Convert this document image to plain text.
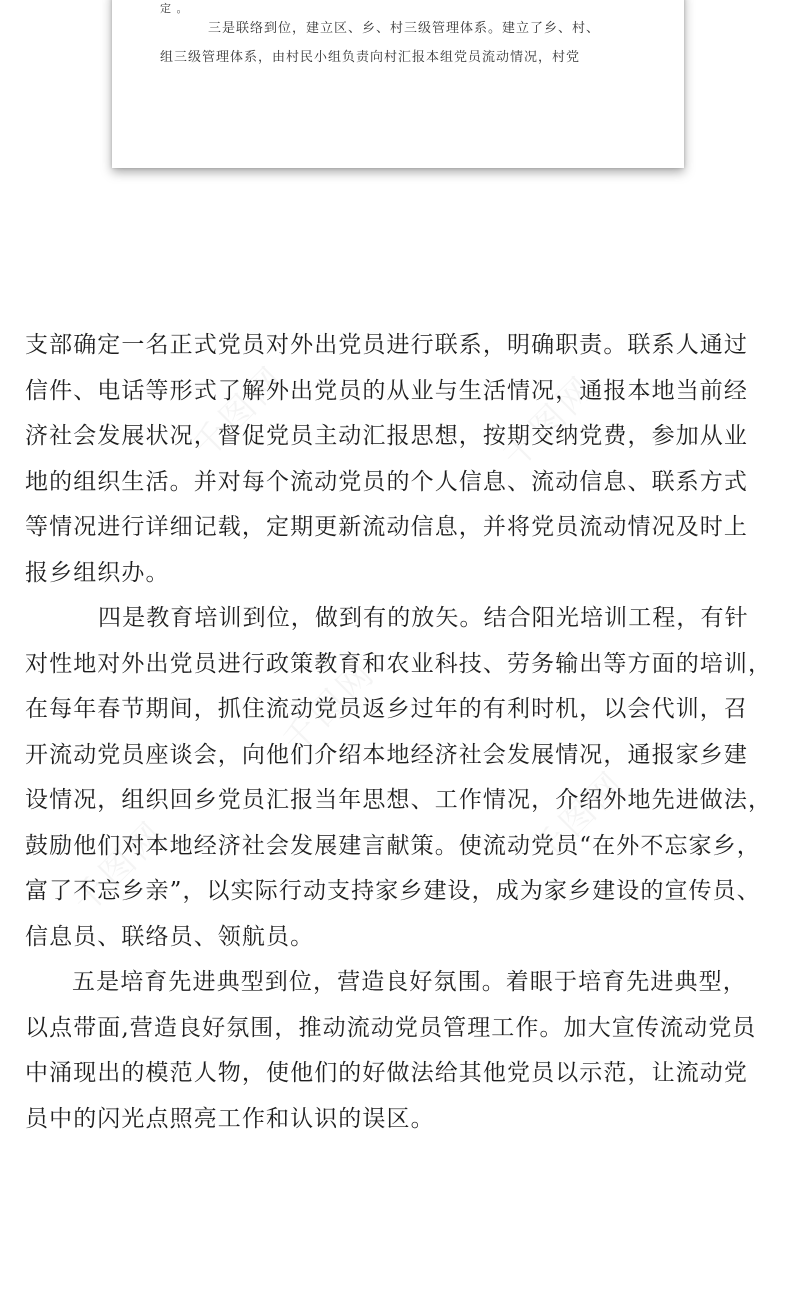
定 。
三是联络到位，建立区、乡、村三级管理体系。建立了乡、村、
组三级管理体系，由村民小组负责向村汇报本组党员流动情况，村党
支部确定一名正式党员对外出党员进行联系，明确职责。联系人通过
信件、电话等形式了解外出党员的从业与生活情况，通报本地当前经
济社会发展状况，督促党员主动汇报思想，按期交纳党费，参加从业
地的组织生活。并对每个流动党员的个人信息、流动信息、联系方式
等情况进行详细记载，定期更新流动信息，并将党员流动情况及时上
报乡组织办。
四是教育培训到位，做到有的放矢。结合阳光培训工程，有针
对性地对外出党员进行政策教育和农业科技、劳务输出等方面的培训，
在每年春节期间，抓住流动党员返乡过年的有利时机，以会代训，召
开流动党员座谈会，向他们介绍本地经济社会发展情况，通报家乡建
设情况，组织回乡党员汇报当年思想、工作情况，介绍外地先进做法，
鼓励他们对本地经济社会发展建言献策。使流动党员“在外不忘家乡，
富了不忘乡亲”，以实际行动支持家乡建设，成为家乡建设的宣传员、
信息员、联络员、领航员。
五是培育先进典型到位，营造良好氛围。着眼于培育先进典型，
以点带面,营造良好氛围，推动流动党员管理工作。加大宣传流动党员
中涌现出的模范人物，使他们的好做法给其他党员以示范，让流动党
员中的闪光点照亮工作和认识的误区。
